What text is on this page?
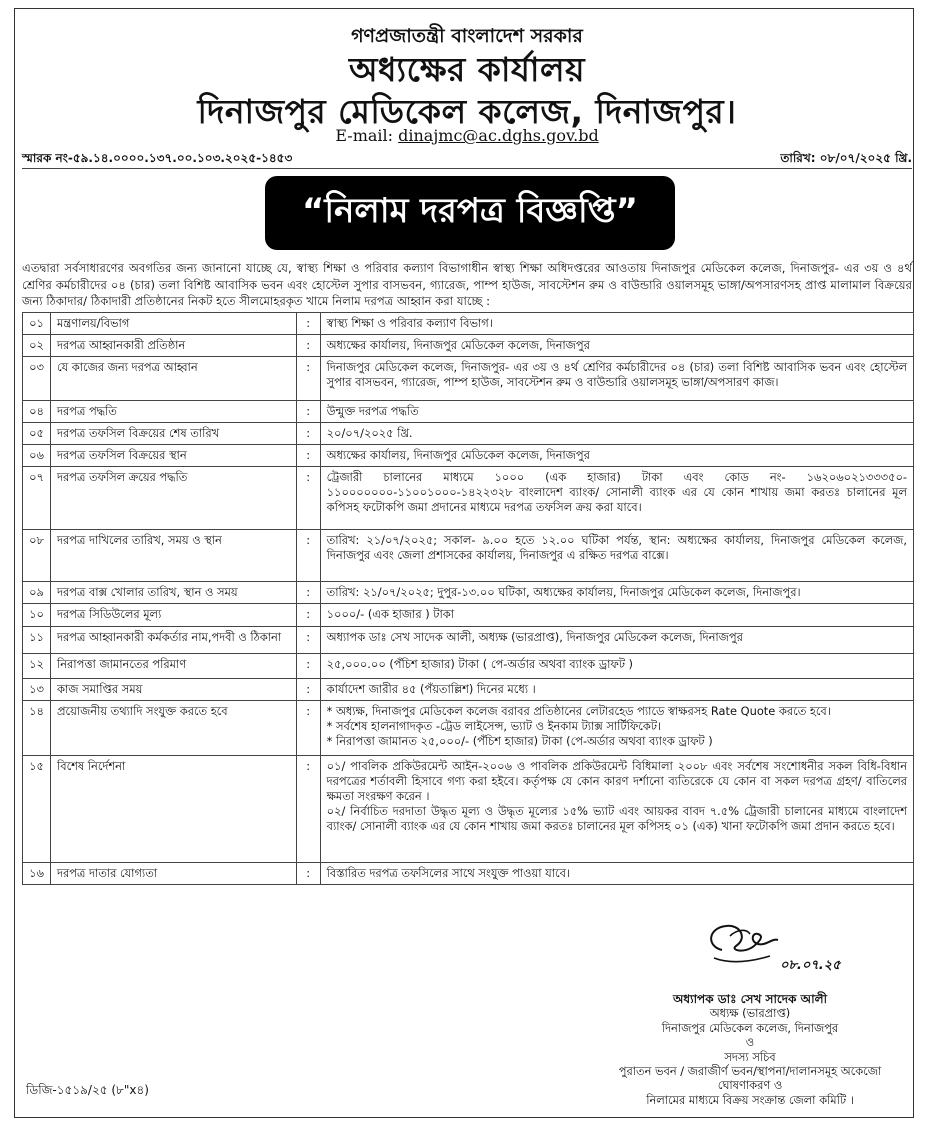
গণপ্রজাতন্ত্রী বাংলাদেশ সরকার
অধ্যক্ষের কার্যালয়
দিনাজপুর মেডিকেল কলেজ, দিনাজপুর।
E-mail: dinajmc@ac.dghs.gov.bd
স্মারক নং-৫৯.১৪.০০০০.১৩৭.০০.১০৩.২০২৫-১৪৫৩	তারিখ: ০৮/০৭/২০২৫ খ্রি.
“নিলাম দরপত্র বিজ্ঞপ্তি”
এতদ্বারা সর্বসাধারণের অবগতির জন্য জানানো যাচ্ছে যে, স্বাস্থ্য শিক্ষা ও পরিবার কল্যাণ বিভাগাধীন স্বাস্থ্য শিক্ষা অধিদপ্তরের আওতায় দিনাজপুর মেডিকেল কলেজ, দিনাজপুর- এর ৩য় ও ৪র্থ শ্রেণির কর্মচারীদের ০৪ (চার) তলা বিশিষ্ট আবাসিক ভবন এবং হোস্টেল সুপার বাসভবন, গ্যারেজ, পাম্প হাউজ, সাবস্টেশন রুম ও বাউন্ডারি ওয়ালসমূহ ভাঙ্গা/অপসারণসহ প্রাপ্ত মালামাল বিক্রয়ের জন্য ঠিকাদার/ ঠিকাদারী প্রতিষ্ঠানের নিকট হতে সীলমোহরকৃত খামে নিলাম দরপত্র আহ্বান করা যাচ্ছে :
০১	মন্ত্রণালয়/বিভাগ	:	স্বাস্থ্য শিক্ষা ও পরিবার কল্যাণ বিভাগ।

০২	দরপত্র আহ্বানকারী প্রতিষ্ঠান	:	অধ্যক্ষের কার্যালয়, দিনাজপুর মেডিকেল কলেজ, দিনাজপুর

০৩	যে কাজের জন্য দরপত্র আহ্বান	:	দিনাজপুর মেডিকেল কলেজ, দিনাজপুর- এর ৩য় ও ৪র্থ শ্রেণির কর্মচারীদের ০৪ (চার) তলা বিশিষ্ট আবাসিক ভবন এবং হোস্টেল সুপার বাসভবন, গ্যারেজ, পাম্প হাউজ, সাবস্টেশন রুম ও বাউন্ডারি ওয়ালসমূহ ভাঙ্গা/অপসারণ কাজ।

০৪	দরপত্র পদ্ধতি	:	উন্মুক্ত দরপত্র পদ্ধতি

০৫	দরপত্র তফসিল বিক্রয়ের শেষ তারিখ	:	২০/০৭/২০২৫ খ্রি.

০৬	দরপত্র তফসিল বিক্রয়ের স্থান	:	অধ্যক্ষের কার্যালয়, দিনাজপুর মেডিকেল কলেজ, দিনাজপুর

০৭	দরপত্র তফসিল ক্রয়ের পদ্ধতি	:	ট্রেজারী চালানের মাধ্যমে ১০০০ (এক হাজার) টাকা এবং কোড নং- ১৬২০৬০২১৩৩৩৫০- ১১০০০০০০০-১১০০১০০০-১৪২২৩২৮ বাংলাদেশ ব্যাংক/ সোনালী ব্যাংক এর যে কোন শাখায় জমা করতঃ চালানের মূল কপিসহ ফটোকপি জমা প্রদানের মাধ্যমে দরপত্র তফসিল ক্রয় করা যাবে।

০৮	দরপত্র দাখিলের তারিখ, সময় ও স্থান	:	তারিখ: ২১/০৭/২০২৫; সকাল- ৯.০০ হতে ১২.০০ ঘটিকা পর্যন্ত, স্থান: অধ্যক্ষের কার্যালয়, দিনাজপুর মেডিকেল কলেজ, দিনাজপুর এবং জেলা প্রশাসকের কার্যালয়, দিনাজপুর এ রক্ষিত দরপত্র বাক্সে।

০৯	দরপত্র বাক্স খোলার তারিখ, স্থান ও সময়	:	তারিখ: ২১/০৭/২০২৫; দুপুর-১৩.০০ ঘটিকা, অধ্যক্ষের কার্যালয়, দিনাজপুর মেডিকেল কলেজ, দিনাজপুর।

১০	দরপত্র সিডিউলের মূল্য	:	১০০০/- (এক হাজার ) টাকা

১১	দরপত্র আহ্বানকারী কর্মকর্তার নাম,পদবী ও ঠিকানা	:	অধ্যাপক ডাঃ সেখ সাদেক আলী, অধ্যক্ষ (ভারপ্রাপ্ত), দিনাজপুর মেডিকেল কলেজ, দিনাজপুর

১২	নিরাপত্তা জামানতের পরিমাণ	:	২৫,০০০.০০ (পঁচিশ হাজার) টাকা ( পে-অর্ডার অথবা ব্যাংক ড্রাফট )

১৩	কাজ সমাপ্তির সময়	:	কার্যাদেশ জারীর ৪৫ (পঁয়তাল্লিশ) দিনের মধ্যে ।

১৪	প্রয়োজনীয় তথ্যাদি সংযুক্ত করতে হবে	:	* অধ্যক্ষ, দিনাজপুর মেডিকেল কলেজ বরাবর প্রতিষ্ঠানের লেটারহেড প্যাডে স্বাক্ষরসহ Rate Quote করতে হবে।
* সর্বশেষ হালনাগাদকৃত -ট্রেড লাইসেন্স, ভ্যাট ও ইনকাম ট্যাক্স সার্টিফিকেট।
* নিরাপত্তা জামানত ২৫,০০০/- (পঁচিশ হাজার) টাকা (পে-অর্ডার অথবা ব্যাংক ড্রাফট )

১৫	বিশেষ নির্দেশনা	:	০১/ পাবলিক প্রকিউরমেন্ট আইন-২০০৬ ও পাবলিক প্রকিউরমেন্ট বিধিমালা ২০০৮ এবং সর্বশেষ সংশোধনীর সকল বিধি-বিধান দরপত্রের শর্তাবলী হিসাবে গণ্য করা হইবে। কর্তৃপক্ষ যে কোন কারণ দর্শানো ব্যতিরেকে যে কোন বা সকল দরপত্র গ্রহণ/ বাতিলের ক্ষমতা সংরক্ষণ করেন ।
০২/ নির্বাচিত দরদাতা উদ্ধৃত মূল্য ও উদ্ধৃত মূল্যের ১৫% ভ্যাট এবং আয়কর বাবদ ৭.৫% ট্রেজারী চালানের মাধ্যমে বাংলাদেশ ব্যাংক/ সোনালী ব্যাংক এর যে কোন শাখায় জমা করতঃ চালানের মূল কপিসহ ০১ (এক) খানা ফটোকপি জমা প্রদান করতে হবে।

১৬	দরপত্র দাতার যোগ্যতা	:	বিস্তারিত দরপত্র তফসিলের সাথে সংযুক্ত পাওয়া যাবে।
০৮.০৭.২৫
অধ্যাপক ডাঃ সেখ সাদেক আলী
অধ্যক্ষ (ভারপ্রাপ্ত)
দিনাজপুর মেডিকেল কলেজ, দিনাজপুর
ও
সদস্য সচিব
পুরাতন ভবন / জরাজীর্ণ ভবন/স্থাপনা/দালানসমূহ অকেজো
ঘোষণাকরণ ও
নিলামের মাধ্যমে বিক্রয় সংক্রান্ত জেলা কমিটি ।
ডিজি-১৫১৯/২৫ (৮"x৪)
